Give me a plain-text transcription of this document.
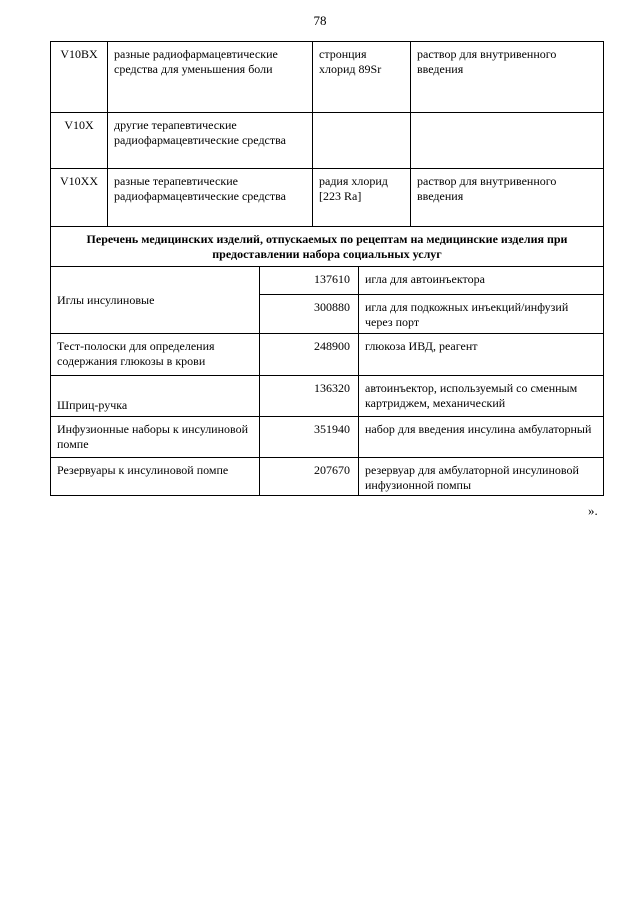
78
V10BX	разные радиофармацевтические средства для уменьшения боли	стронция хлорид 89Sr	раствор для внутривенного введения
V10X	другие терапевтические радиофармацевтические средства		
V10XX	разные терапевтические радиофармацевтические средства	радия хлорид [223 Ra]	раствор для внутривенного введения
Перечень медицинских изделий, отпускаемых по рецептам на медицинские изделия при предоставлении набора социальных услуг		
Иглы инсулиновые	137610	игла для автоинъектора
	300880	игла для подкожных инъекций/инфузий через порт
Тест-полоски для определения содержания глюкозы в крови	248900	глюкоза ИВД, реагент
Шприц-ручка	136320	автоинъектор, используемый со сменным картриджем, механический
Инфузионные наборы к инсулиновой помпе	351940	набор для введения инсулина амбулаторный
Резервуары к инсулиновой помпе	207670	резервуар для амбулаторной инсулиновой инфузионной помпы
».
